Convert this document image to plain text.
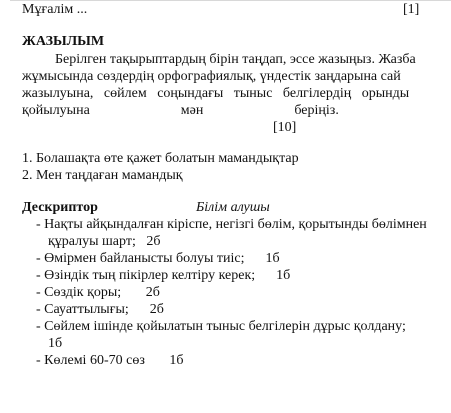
Мұғалім ...	[1]
ЖАЗЫЛЫМ
Берілген тақырыптардың бірін таңдап, эссе жазыңыз. Жазба
жұмысында сөздердің орфографиялық, үндестік заңдарына сай
жазылуына,   сөйлем   соңындағы   тыныс   белгілердің   орынды
қойылуына                          мән                          беріңіз.
[10]
1. Болашақта өте қажет болатын мамандықтар
2. Мен таңдаған мамандық
Дескриптор	Білім алушы
- Нақты айқындалған кіріспе, негізгі бөлім, қорытынды бөлімнен
құралуы шарт;   2б
- Өмірмен байланысты болуы тиіс;      1б
- Өзіндік тың пікірлер келтіру керек;      1б
- Сөздік қоры;       2б
- Сауаттылығы;      2б
- Сөйлем ішінде қойылатын тыныс белгілерін дұрыс қолдану;
1б
- Көлемі 60-70 сөз       1б
